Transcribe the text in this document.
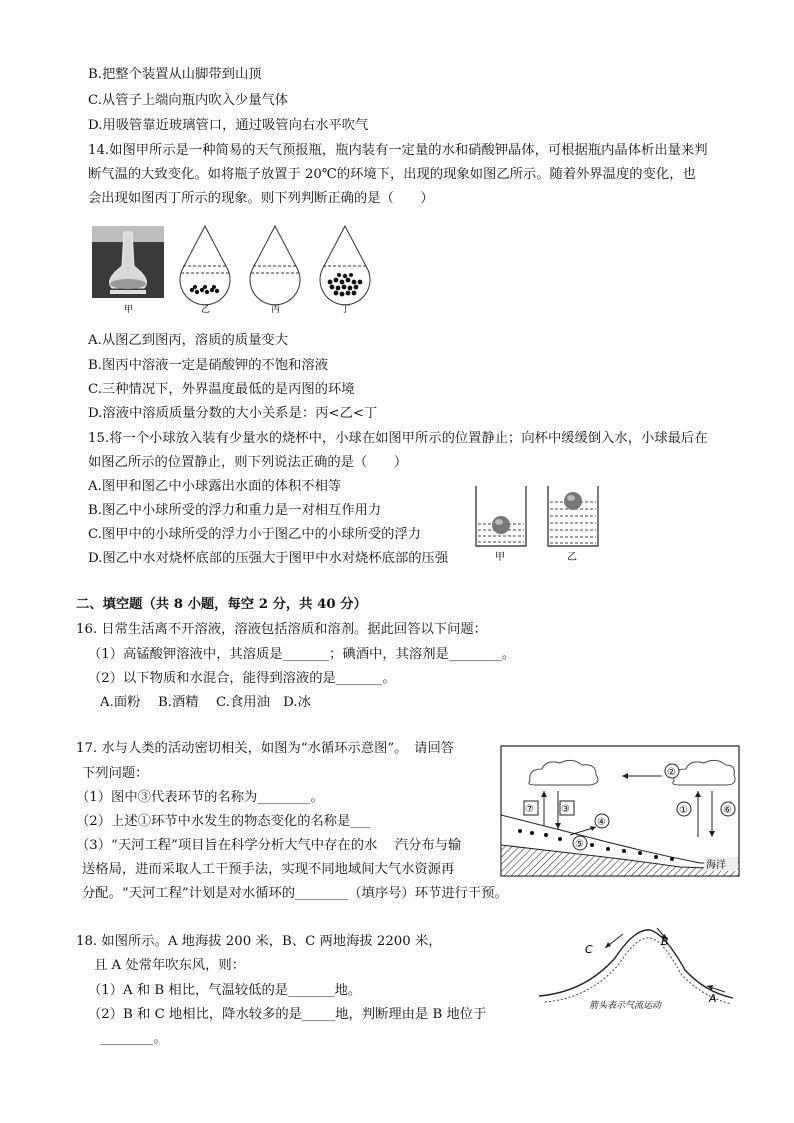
B.把整个装置从山脚带到山顶
C.从管子上端向瓶内吹入少量气体
D.用吸管靠近玻璃管口，通过吸管向右水平吹气
14.如图甲所示是一种简易的天气预报瓶，瓶内装有一定量的水和硝酸钾晶体，可根据瓶内晶体析出量来判
断气温的大致变化。如将瓶子放置于 20℃的环境下，出现的现象如图乙所示。随着外界温度的变化，也
会出现如图丙丁所示的现象。则下列判断正确的是（　　）
甲	乙	丙	丁
A.从图乙到图丙，溶质的质量变大
B.图丙中溶液一定是硝酸钾的不饱和溶液
C.三种情况下，外界温度最低的是丙图的环境
D.溶液中溶质质量分数的大小关系是：丙<乙<丁
15.将一个小球放入装有少量水的烧杯中，小球在如图甲所示的位置静止；向杯中缓缓倒入水，小球最后在
如图乙所示的位置静止，则下列说法正确的是（　　）
A.图甲和图乙中小球露出水面的体积不相等
B.图乙中小球所受的浮力和重力是一对相互作用力
C.图甲中的小球所受的浮力小于图乙中的小球所受的浮力
D.图乙中水对烧杯底部的压强大于图甲中水对烧杯底部的压强	甲	乙
二、填空题（共 8 小题，每空 2 分，共 40 分）
16. 日常生活离不开溶液，溶液包括溶质和溶剂。据此回答以下问题：
（1）高锰酸钾溶液中，其溶质是_______；碘酒中，其溶剂是________。
（2）以下物质和水混合，能得到溶液的是_______。
A.面粉　 B.酒精　 C.食用油　D.冰
17. 水与人类的活动密切相关，如图为“水循环示意图”。　请回答
下列问题：
（1）图中③代表环节的名称为________。
（2）上述①环节中水发生的物态变化的名称是___
（3）“天河工程”项目旨在科学分析大气中存在的水　 汽分布与输
送格局，进而采取人工干预手法，实现不同地域间大气水资源再
分配。“天河工程”计划是对水循环的________（填序号）环节进行干预。
②
⑦	③	①	⑥
④
⑤
海洋
18. 如图所示。A 地海拔 200 米，B、C 两地海拔 2200 米，
且 A 处常年吹东风，则：
（1）A 和 B 相比，气温较低的是_______地。
（2）B 和 C 地相比，降水较多的是_____地，判断理由是 B 地位于
________。
C
B
A
箭头表示气流运动
